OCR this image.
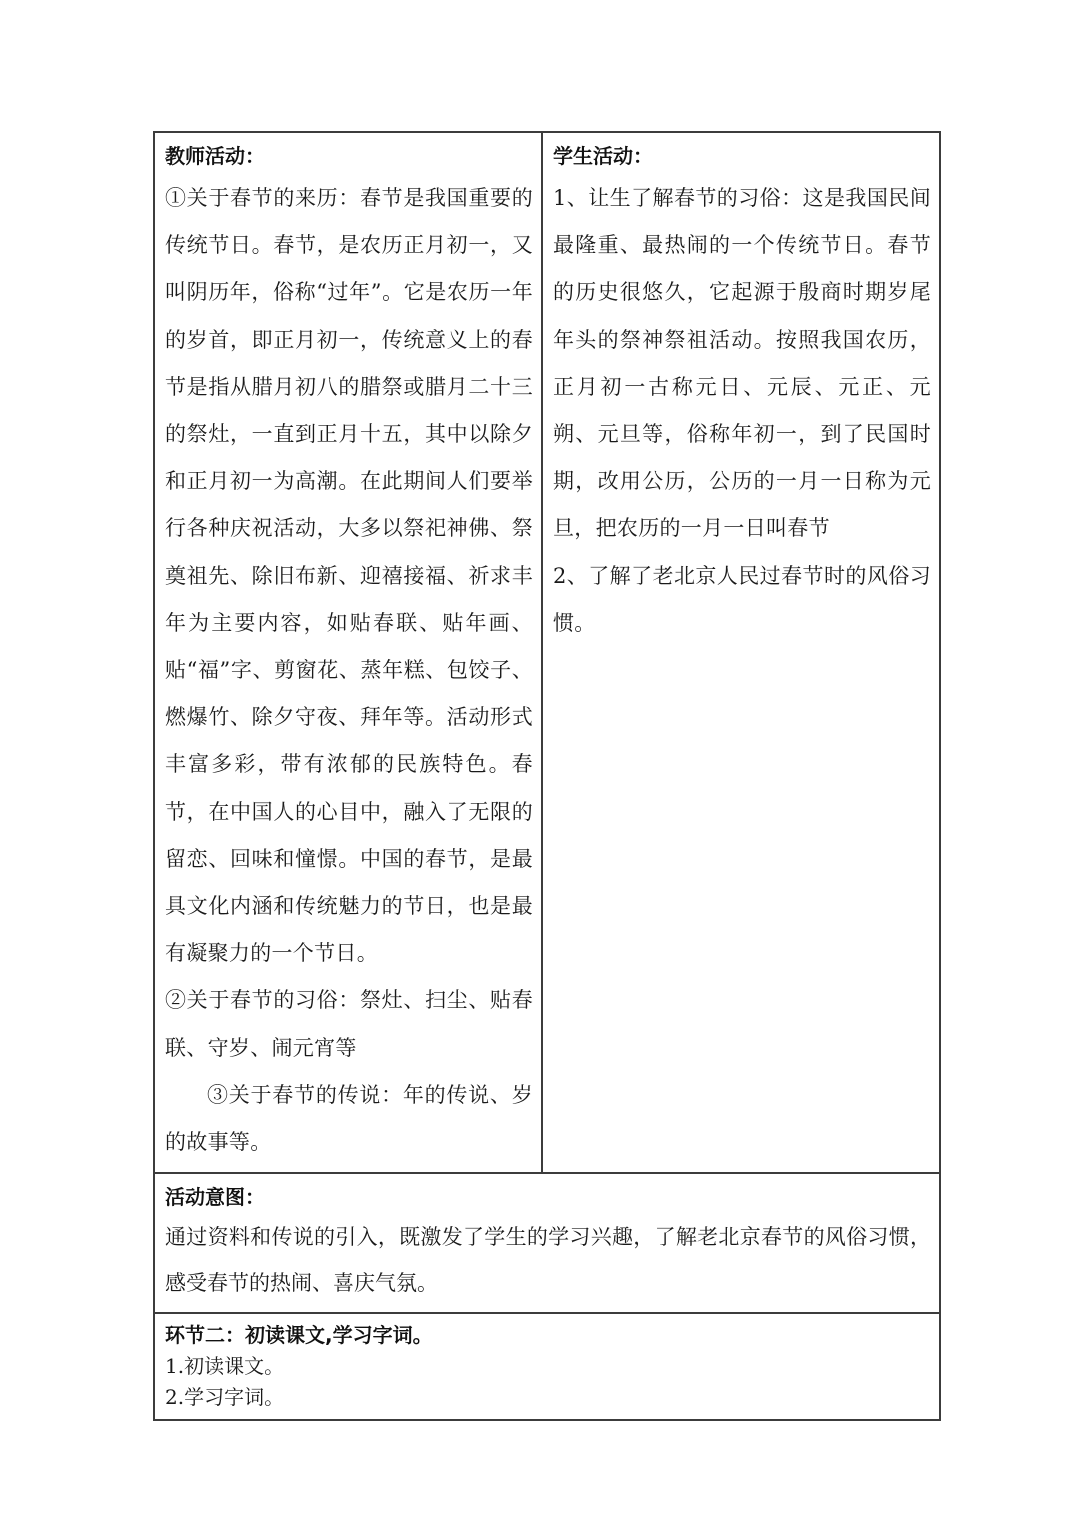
教师活动：

①关于春节的来历：春节是我国重要的传统节日。春节，是农历正月初一，又叫阴历年，俗称“过年”。它是农历一年的岁首，即正月初一，传统意义上的春节是指从腊月初八的腊祭或腊月二十三的祭灶，一直到正月十五，其中以除夕和正月初一为高潮。在此期间人们要举行各种庆祝活动，大多以祭祀神佛、祭奠祖先、除旧布新、迎禧接福、祈求丰年为主要内容，如贴春联、贴年画、贴“福”字、剪窗花、蒸年糕、包饺子、燃爆竹、除夕守夜、拜年等。活动形式丰富多彩，带有浓郁的民族特色。春节，在中国人的心目中，融入了无限的留恋、回味和憧憬。中国的春节，是最具文化内涵和传统魅力的节日，也是最有凝聚力的一个节日。

②关于春节的习俗：祭灶、扫尘、贴春联、守岁、闹元宵等

③关于春节的传说：年的传说、岁的故事等。

学生活动：

1、让生了解春节的习俗：这是我国民间最隆重、最热闹的一个传统节日。春节的历史很悠久，它起源于殷商时期岁尾年头的祭神祭祖活动。按照我国农历，正月初一古称元日、元辰、元正、元朔、元旦等，俗称年初一，到了民国时期，改用公历，公历的一月一日称为元旦，把农历的一月一日叫春节

2、了解了老北京人民过春节时的风俗习惯。

活动意图：

通过资料和传说的引入，既激发了学生的学习兴趣，了解老北京春节的风俗习惯，感受春节的热闹、喜庆气氛。

环节二：初读课文,学习字词。

1.初读课文。

2.学习字词。
